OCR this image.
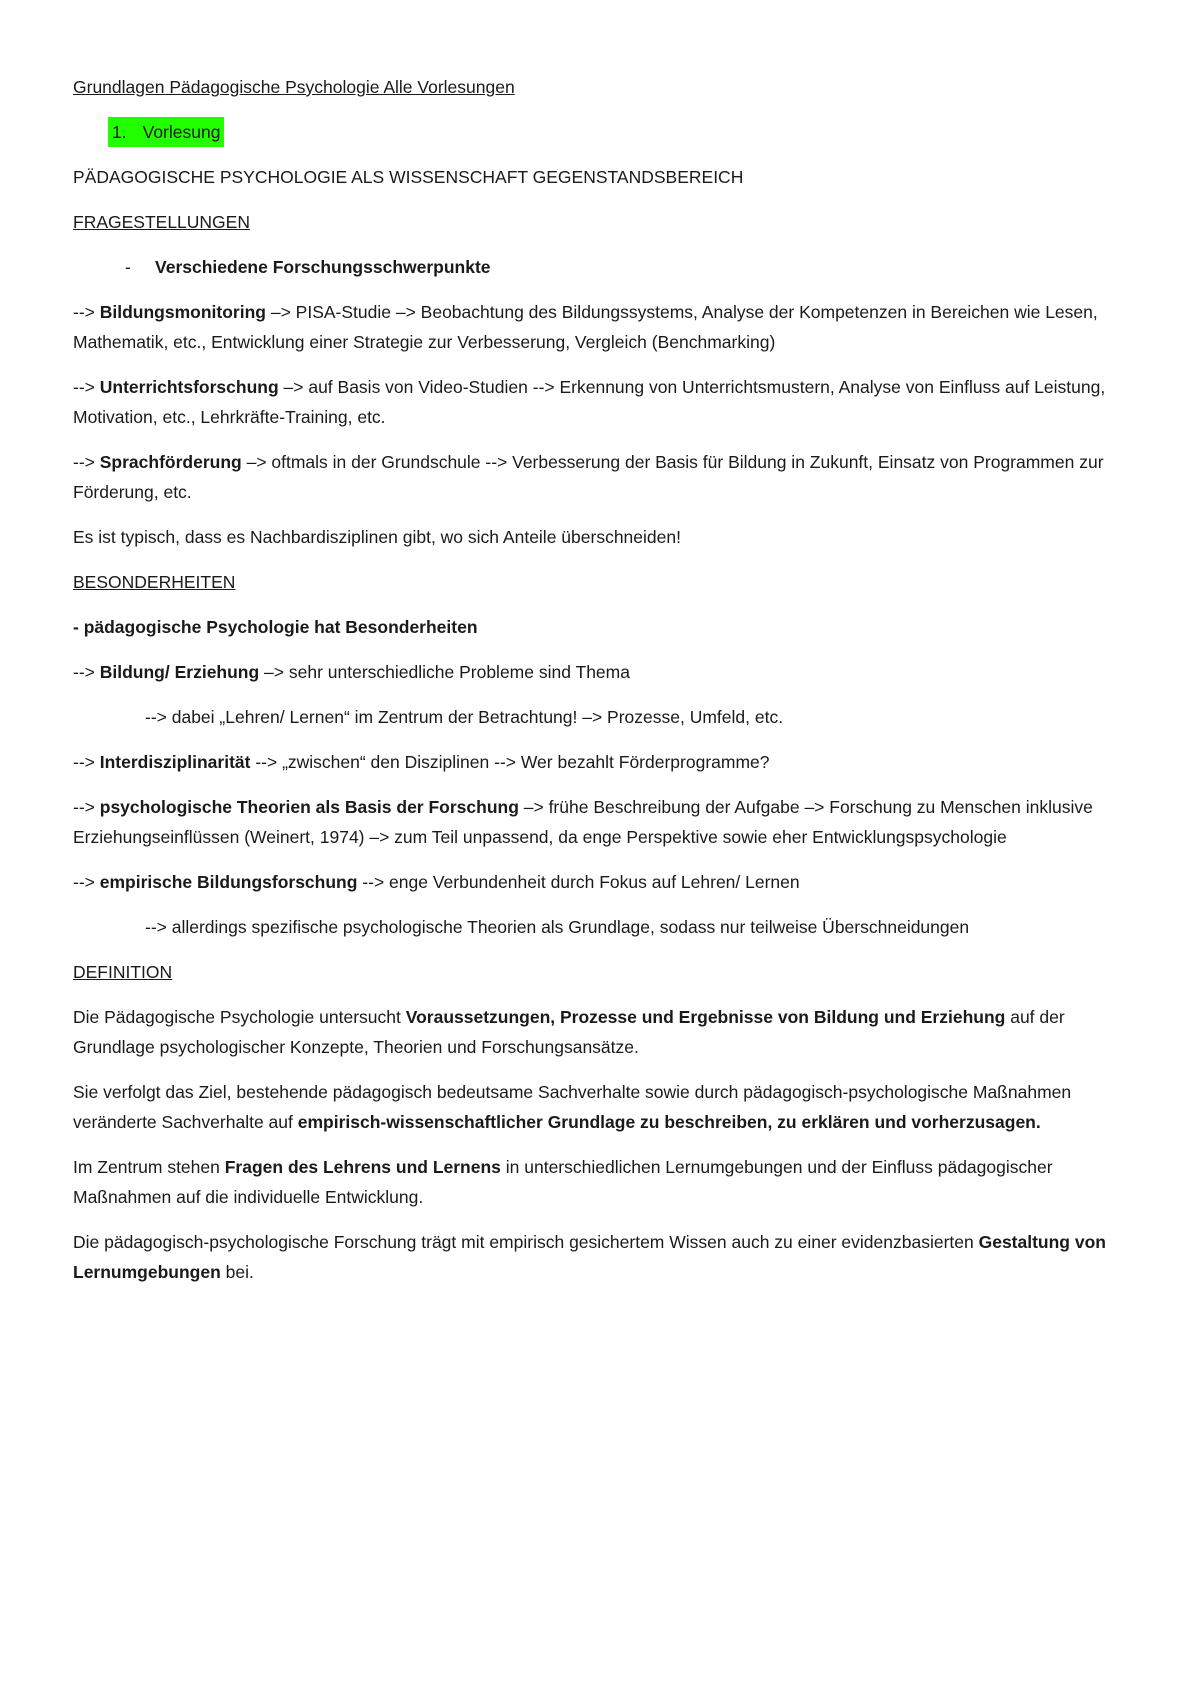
Grundlagen Pädagogische Psychologie Alle Vorlesungen

1. Vorlesung

PÄDAGOGISCHE PSYCHOLOGIE ALS WISSENSCHAFT GEGENSTANDSBEREICH

FRAGESTELLUNGEN

-	Verschiedene Forschungsschwerpunkte

--> Bildungsmonitoring –> PISA-Studie –> Beobachtung des Bildungssystems, Analyse der Kompetenzen in Bereichen wie Lesen, Mathematik, etc., Entwicklung einer Strategie zur Verbesserung, Vergleich (Benchmarking)

--> Unterrichtsforschung –> auf Basis von Video-Studien --> Erkennung von Unterrichtsmustern, Analyse von Einfluss auf Leistung, Motivation, etc., Lehrkräfte-Training, etc.

--> Sprachförderung –> oftmals in der Grundschule --> Verbesserung der Basis für Bildung in Zukunft, Einsatz von Programmen zur Förderung, etc.

Es ist typisch, dass es Nachbardisziplinen gibt, wo sich Anteile überschneiden!

BESONDERHEITEN

- pädagogische Psychologie hat Besonderheiten

--> Bildung/ Erziehung –> sehr unterschiedliche Probleme sind Thema

--> dabei „Lehren/ Lernen“ im Zentrum der Betrachtung! –> Prozesse, Umfeld, etc.

--> Interdisziplinarität --> „zwischen“ den Disziplinen --> Wer bezahlt Förderprogramme?

--> psychologische Theorien als Basis der Forschung –> frühe Beschreibung der Aufgabe –> Forschung zu Menschen inklusive Erziehungseinflüssen (Weinert, 1974) –> zum Teil unpassend, da enge Perspektive sowie eher Entwicklungspsychologie

--> empirische Bildungsforschung --> enge Verbundenheit durch Fokus auf Lehren/ Lernen

--> allerdings spezifische psychologische Theorien als Grundlage, sodass nur teilweise Überschneidungen

DEFINITION

Die Pädagogische Psychologie untersucht Voraussetzungen, Prozesse und Ergebnisse von Bildung und Erziehung auf der Grundlage psychologischer Konzepte, Theorien und Forschungsansätze.

Sie verfolgt das Ziel, bestehende pädagogisch bedeutsame Sachverhalte sowie durch pädagogisch-psychologische Maßnahmen veränderte Sachverhalte auf empirisch-wissenschaftlicher Grundlage zu beschreiben, zu erklären und vorherzusagen.

Im Zentrum stehen Fragen des Lehrens und Lernens in unterschiedlichen Lernumgebungen und der Einfluss pädagogischer Maßnahmen auf die individuelle Entwicklung.

Die pädagogisch-psychologische Forschung trägt mit empirisch gesichertem Wissen auch zu einer evidenzbasierten Gestaltung von Lernumgebungen bei.
